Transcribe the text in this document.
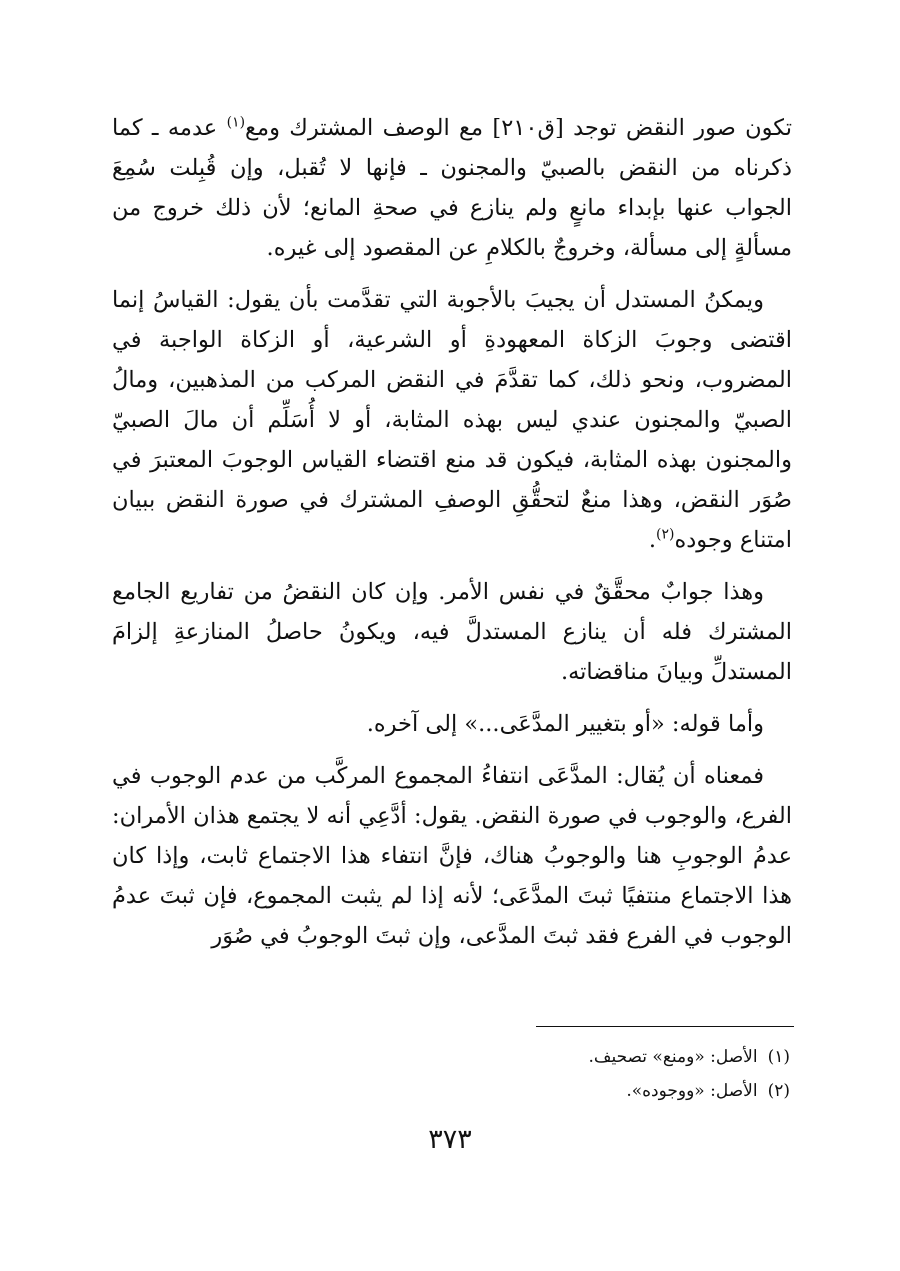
تكون صور النقض توجد [ق٢١٠] مع الوصف المشترك ومع$^{(١)}$ عدمه ـ كما ذكرناه من النقض بالصبيّ والمجنون ـ فإنها لا تُقبل، وإن قُبِلت سُمِعَ الجواب عنها بإبداء مانعٍ ولم ينازع في صحةِ المانع؛ لأن ذلك خروج من مسألةٍ إلى مسألة، وخروجٌ بالكلامِ عن المقصود إلى غيره.

ويمكنُ المستدل أن يجيبَ بالأجوبة التي تقدَّمت بأن يقول: القياسُ إنما اقتضى وجوبَ الزكاة المعهودةِ أو الشرعية، أو الزكاة الواجبة في المضروب، ونحو ذلك، كما تقدَّمَ في النقض المركب من المذهبين، ومالُ الصبيّ والمجنون عندي ليس بهذه المثابة، أو لا أُسَلِّم أن مالَ الصبيّ والمجنون بهذه المثابة، فيكون قد منع اقتضاء القياس الوجوبَ المعتبرَ في صُوَر النقض، وهذا منعٌ لتحقُّقِ الوصفِ المشترك في صورة النقض ببيان امتناع وجوده$^{(٢)}$.

وهذا جوابٌ محقَّقٌ في نفس الأمر. وإن كان النقضُ من تفاريع الجامع المشترك فله أن ينازع المستدلَّ فيه، ويكونُ حاصلُ المنازعةِ إلزامَ المستدلِّ وبيانَ مناقضاته.

وأما قوله: «أو بتغيير المدَّعَى...» إلى آخره.

فمعناه أن يُقال: المدَّعَى انتفاءُ المجموع المركَّب من عدم الوجوب في الفرع، والوجوب في صورة النقض. يقول: أدَّعِي أنه لا يجتمع هذان الأمران: عدمُ الوجوبِ هنا والوجوبُ هناك، فإنَّ انتفاء هذا الاجتماع ثابت، وإذا كان هذا الاجتماع منتفيًا ثبتَ المدَّعَى؛ لأنه إذا لم يثبت المجموع، فإن ثبتَ عدمُ الوجوب في الفرع فقد ثبتَ المدَّعى، وإن ثبتَ الوجوبُ في صُوَر

(١)الأصل: «ومنع» تصحيف.
(٢)الأصل: «ووجوده».
٣٧٣
